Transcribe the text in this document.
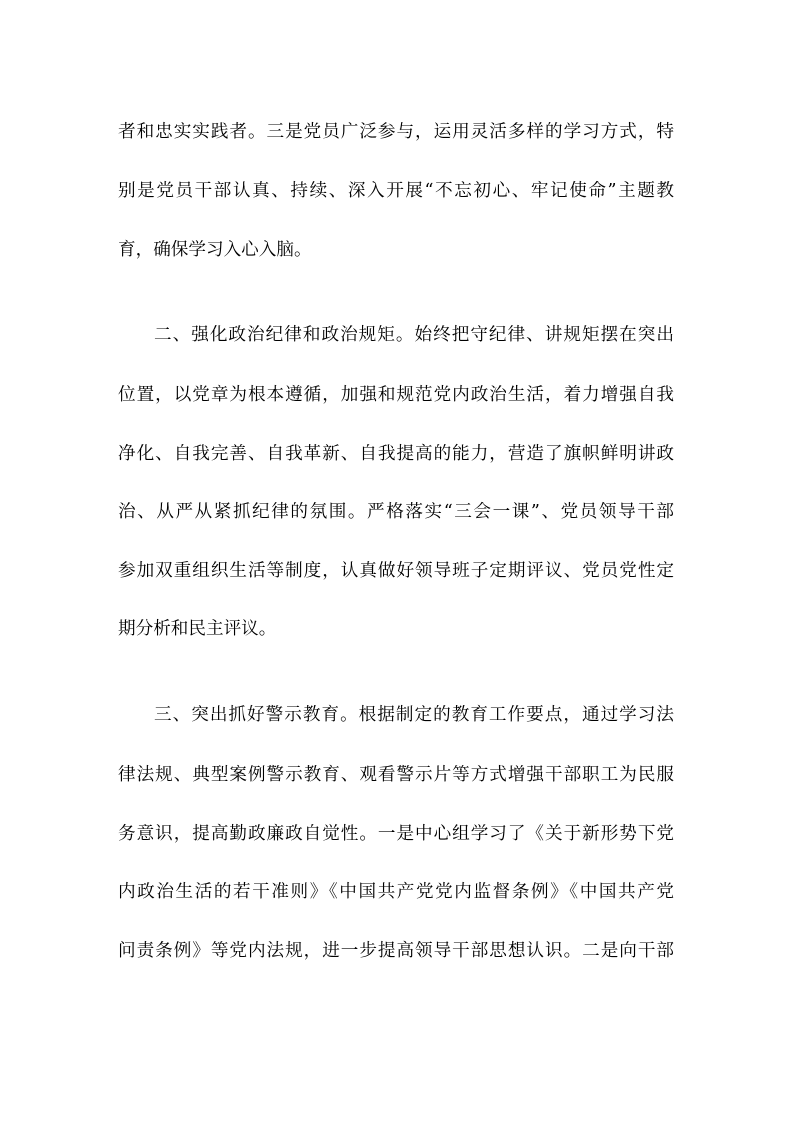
者和忠实实践者。三是党员广泛参与，运用灵活多样的学习方式，特
别是党员干部认真、持续、深入开展“不忘初心、牢记使命”主题教
育，确保学习入心入脑。
二、强化政治纪律和政治规矩。始终把守纪律、讲规矩摆在突出
位置，以党章为根本遵循，加强和规范党内政治生活，着力增强自我
净化、自我完善、自我革新、自我提高的能力，营造了旗帜鲜明讲政
治、从严从紧抓纪律的氛围。严格落实“三会一课”、党员领导干部
参加双重组织生活等制度，认真做好领导班子定期评议、党员党性定
期分析和民主评议。
三、突出抓好警示教育。根据制定的教育工作要点，通过学习法
律法规、典型案例警示教育、观看警示片等方式增强干部职工为民服
务意识，提高勤政廉政自觉性。一是中心组学习了《关于新形势下党
内政治生活的若干准则》《中国共产党党内监督条例》《中国共产党
问责条例》等党内法规，进一步提高领导干部思想认识。二是向干部
